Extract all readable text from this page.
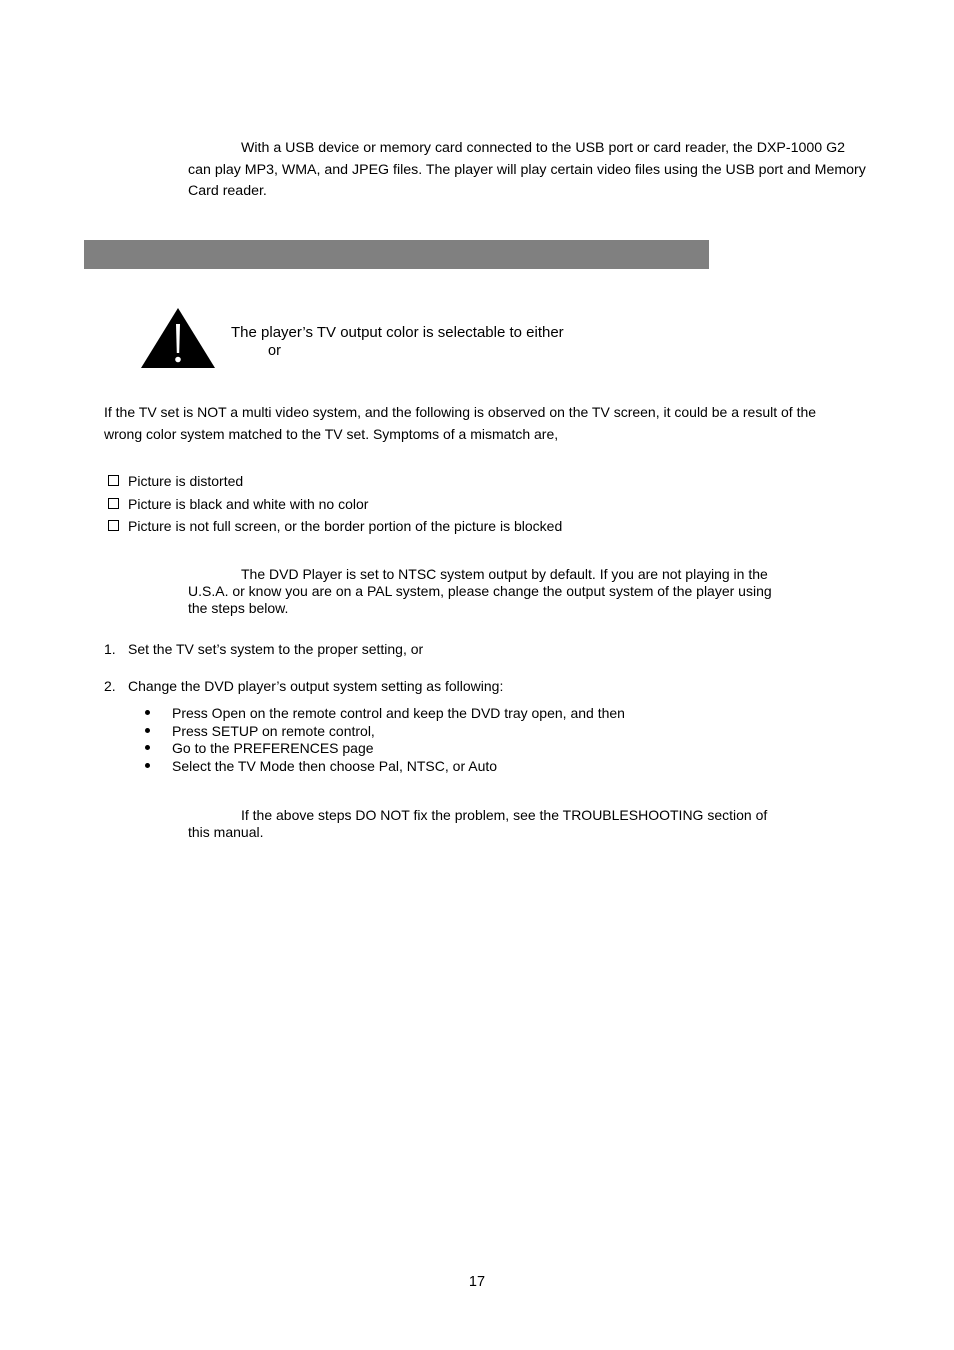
With a USB device or memory card connected to the USB port or card reader, the DXP-1000 G2 can play MP3, WMA, and JPEG files. The player will play certain video files using the USB port and Memory Card reader.
The player’s TV output color is selectable to either
or
If the TV set is NOT a multi video system, and the following is observed on the TV screen, it could be a result of the wrong color system matched to the TV set. Symptoms of a mismatch are,
Picture is distorted
Picture is black and white with no color
Picture is not full screen, or the border portion of the picture is blocked
The DVD Player is set to NTSC system output by default. If you are not playing in the U.S.A. or know you are on a PAL system, please change the output system of the player using the steps below.
1. Set the TV set’s system to the proper setting, or
2. Change the DVD player’s output system setting as following:
Press Open on the remote control and keep the DVD tray open, and then
Press SETUP on remote control,
Go to the PREFERENCES page
Select the TV Mode then choose Pal, NTSC, or Auto
If the above steps DO NOT fix the problem, see the TROUBLESHOOTING section of this manual.
17
